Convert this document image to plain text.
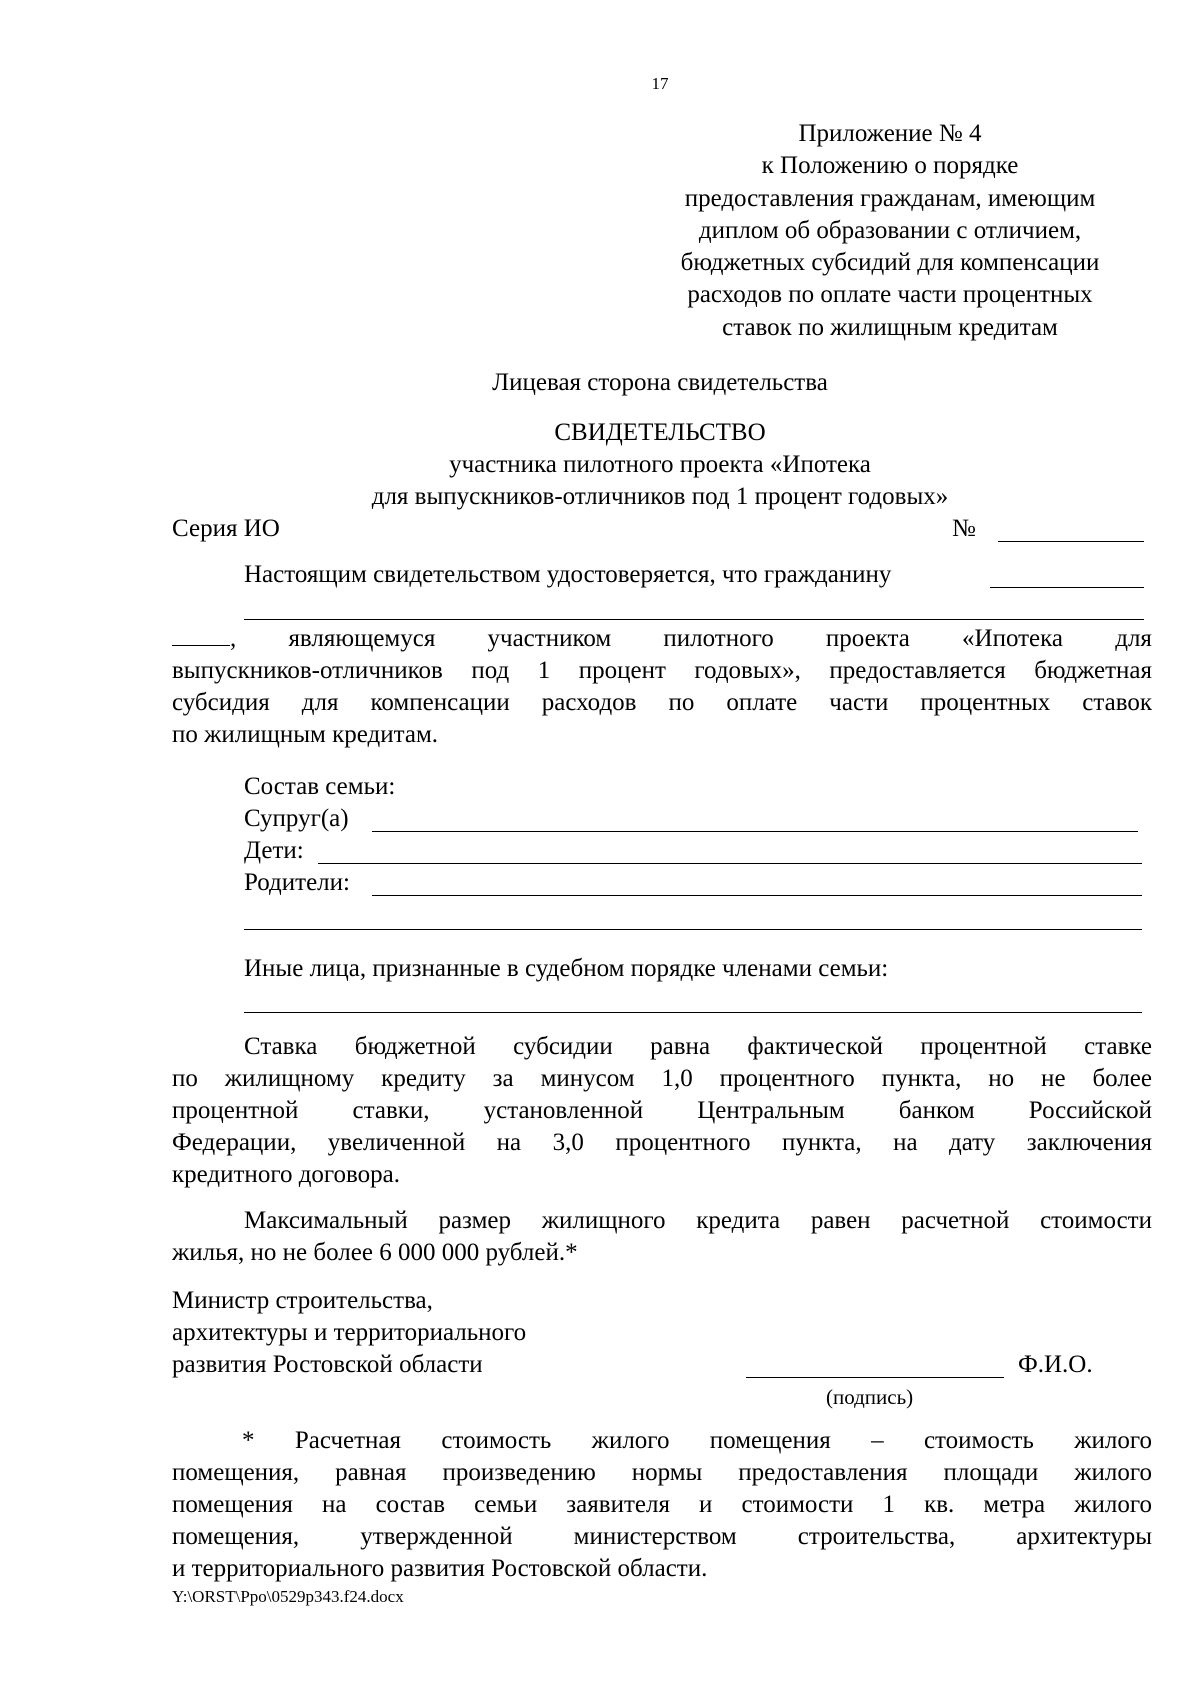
17
Приложение № 4
к Положению о порядке
предоставления гражданам, имеющим
диплом об образовании с отличием,
бюджетных субсидий для компенсации
расходов по оплате части процентных
ставок по жилищным кредитам
Лицевая сторона свидетельства
СВИДЕТЕЛЬСТВО
участника пилотного проекта «Ипотека
для выпускников-отличников под 1 процент годовых»
Серия ИО	№
Настоящим свидетельством удостоверяется, что гражданину
, являющемуся участником пилотного проекта «Ипотека для
выпускников-отличников под 1 процент годовых», предоставляется бюджетная
субсидия для компенсации расходов по оплате части процентных ставок
по жилищным кредитам.
Состав семьи:
Супруг(а)
Дети:
Родители:
Иные лица, признанные в судебном порядке членами семьи:
Ставка бюджетной субсидии равна фактической процентной ставке
по жилищному кредиту за минусом 1,0 процентного пункта, но не более
процентной ставки, установленной Центральным банком Российской
Федерации, увеличенной на 3,0 процентного пункта, на дату заключения
кредитного договора.
Максимальный размер жилищного кредита равен расчетной стоимости
жилья, но не более 6 000 000 рублей.*
Министр строительства,
архитектуры и территориального
развития Ростовской области	Ф.И.О.
(подпись)
* Расчетная стоимость жилого помещения – стоимость жилого
помещения, равная произведению нормы предоставления площади жилого
помещения на состав семьи заявителя и стоимости 1 кв. метра жилого
помещения, утвержденной министерством строительства, архитектуры
и территориального развития Ростовской области.
Y:\ORST\Ppo\0529p343.f24.docx
